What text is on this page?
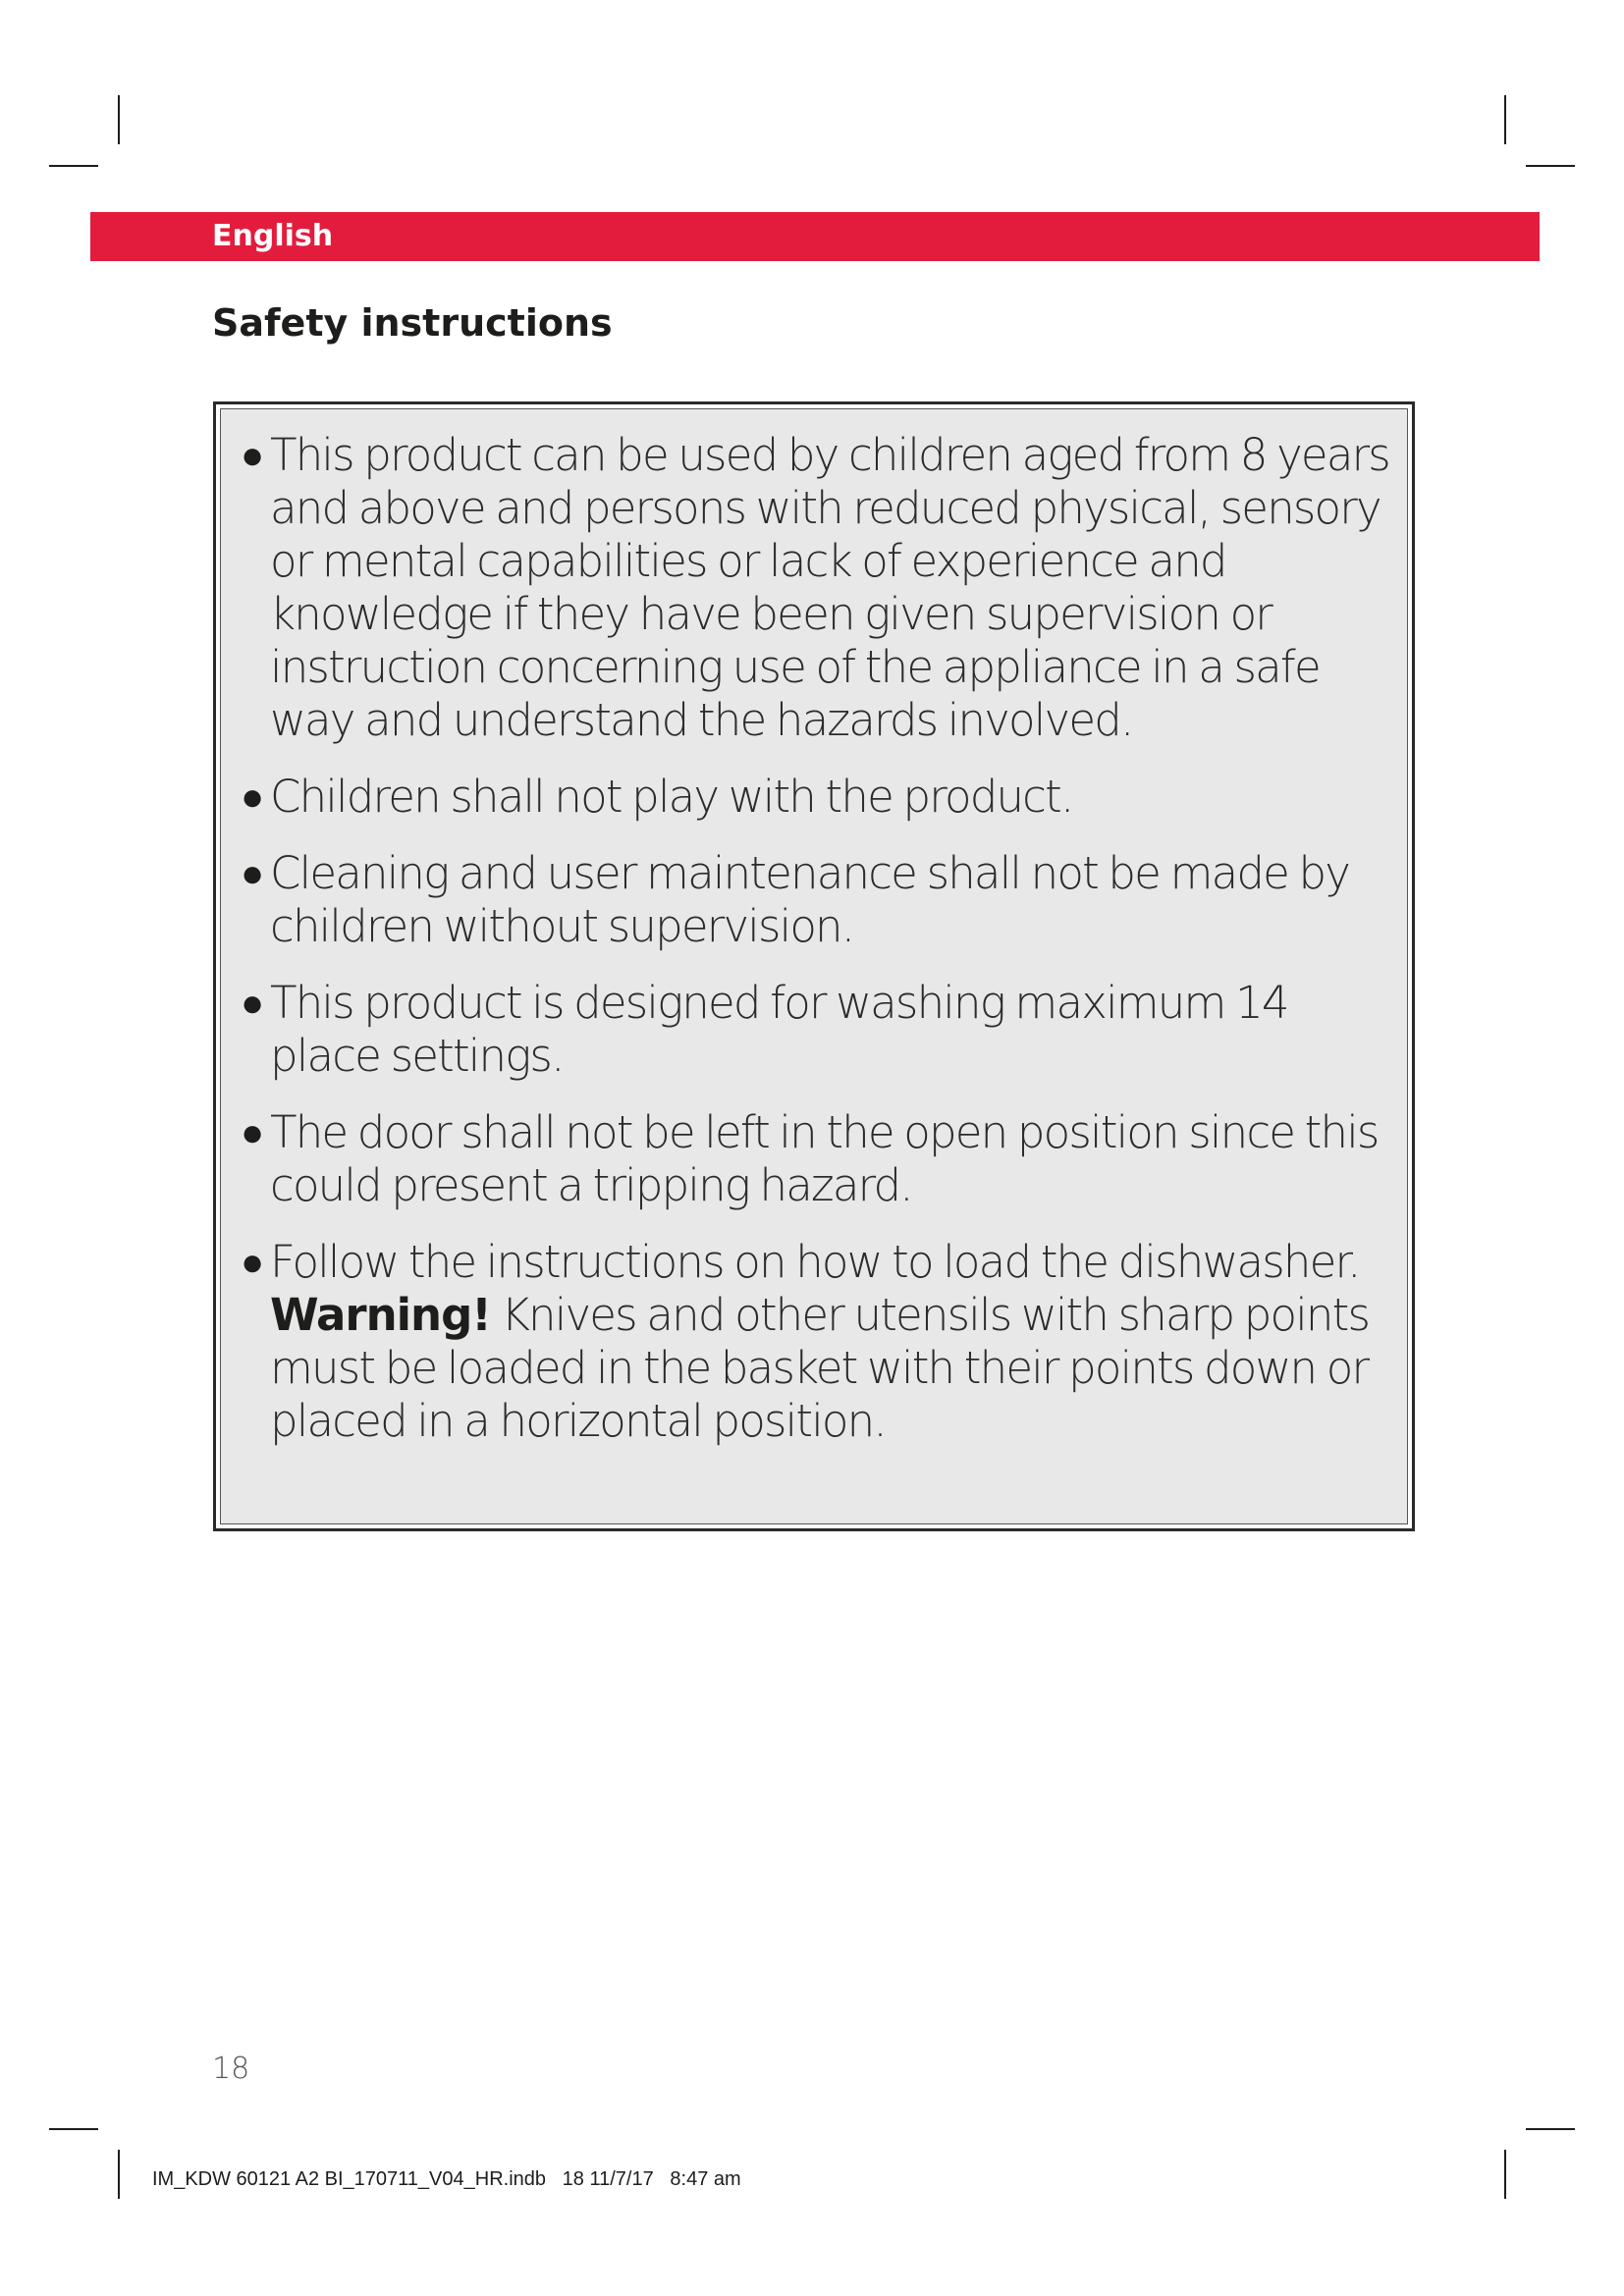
English
Safety instructions
● This product can be used by children aged from 8 years and above and persons with reduced physical, sensory or mental capabilities or lack of experience and knowledge if they have been given supervision or instruction concerning use of the appliance in a safe way and understand the hazards involved.
● Children shall not play with the product.
● Cleaning and user maintenance shall not be made by children without supervision.
● This product is designed for washing maximum 14 place settings.
● The door shall not be left in the open position since this could present a tripping hazard.
● Follow the instructions on how to load the dishwasher.
Warning! Knives and other utensils with sharp points must be loaded in the basket with their points down or placed in a horizontal position.
18
IM_KDW 60121 A2 BI_170711_V04_HR.indb   18 11/7/17   8:47 am
